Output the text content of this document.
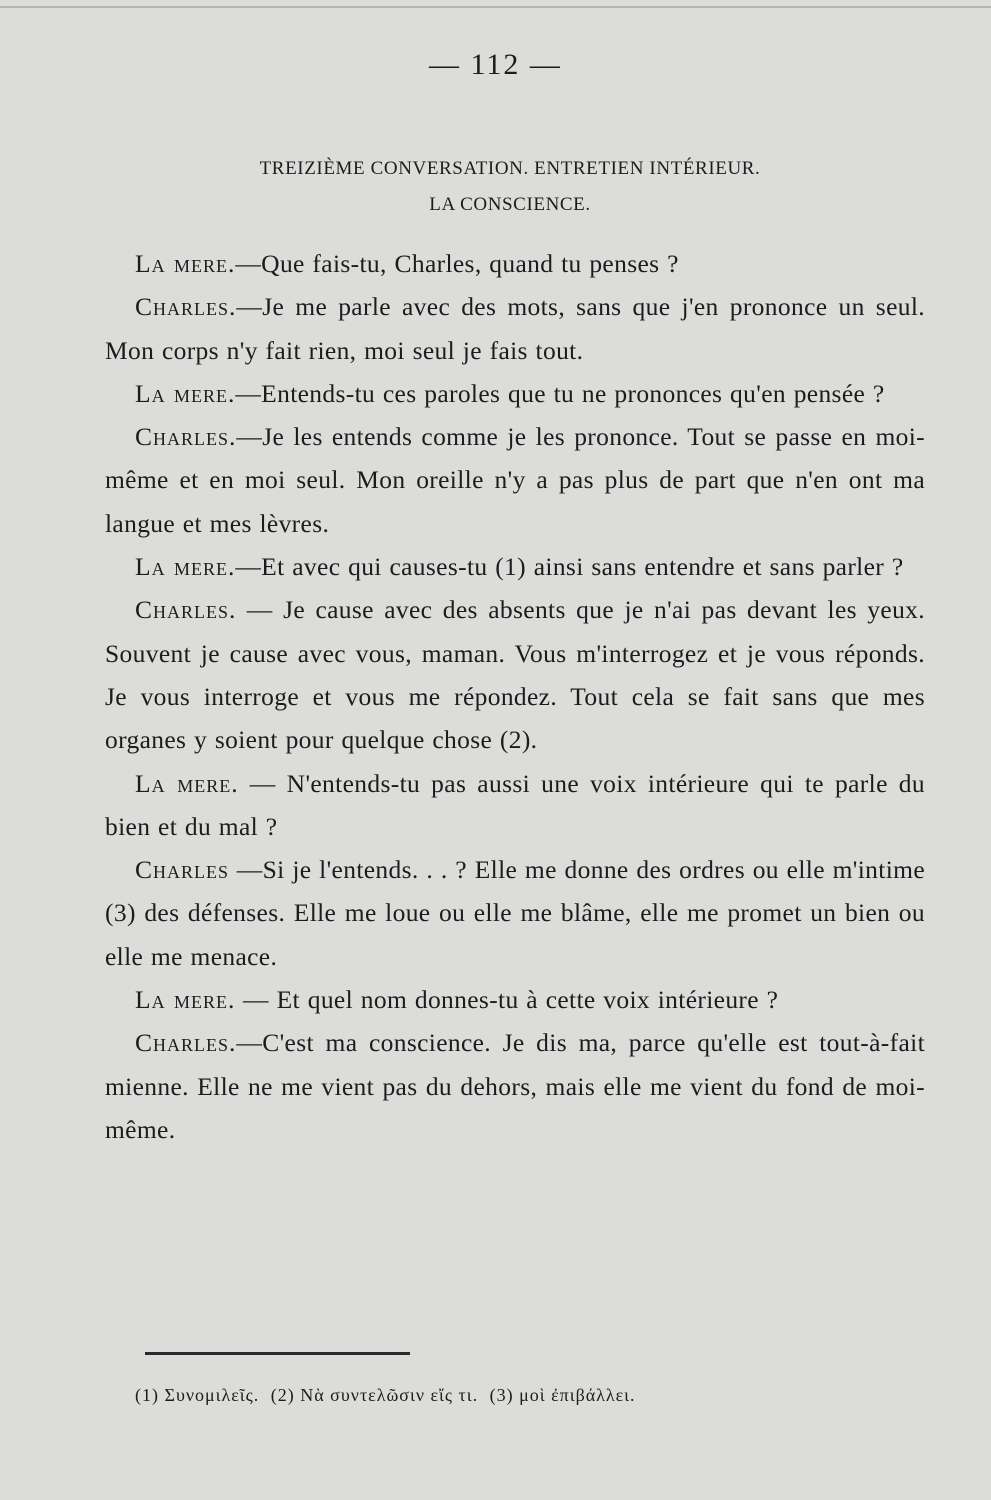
— 112 —
TREIZIÈME CONVERSATION. ENTRETIEN INTÉRIEUR.
LA CONSCIENCE.

La mere.—Que fais-tu, Charles, quand tu penses ?

Charles.—Je me parle avec des mots, sans que j'en prononce un seul. Mon corps n'y fait rien, moi seul je fais tout.

La mere.—Entends-tu ces paroles que tu ne prononces qu'en pensée ?

Charles.—Je les entends comme je les prononce. Tout se passe en moi-même et en moi seul. Mon oreille n'y a pas plus de part que n'en ont ma langue et mes lèvres.

La mere.—Et avec qui causes-tu (1) ainsi sans entendre et sans parler ?

Charles. — Je cause avec des absents que je n'ai pas devant les yeux. Souvent je cause avec vous, maman. Vous m'interrogez et je vous réponds. Je vous interroge et vous me répondez. Tout cela se fait sans que mes organes y soient pour quelque chose (2).

La mere. — N'entends-tu pas aussi une voix intérieure qui te parle du bien et du mal ?

Charles —Si je l'entends. . . ? Elle me donne des ordres ou elle m'intime (3) des défenses. Elle me loue ou elle me blâme, elle me promet un bien ou elle me menace.

La mere. — Et quel nom donnes-tu à cette voix intérieure ?

Charles.—C'est ma conscience. Je dis ma, parce qu'elle est tout-à-fait mienne. Elle ne me vient pas du dehors, mais elle me vient du fond de moi-même.

(1) Συνομιλεῖς. (2) Νὰ συντελῶσιν εἴς τι. (3) μοὶ ἐπιβάλλει.
